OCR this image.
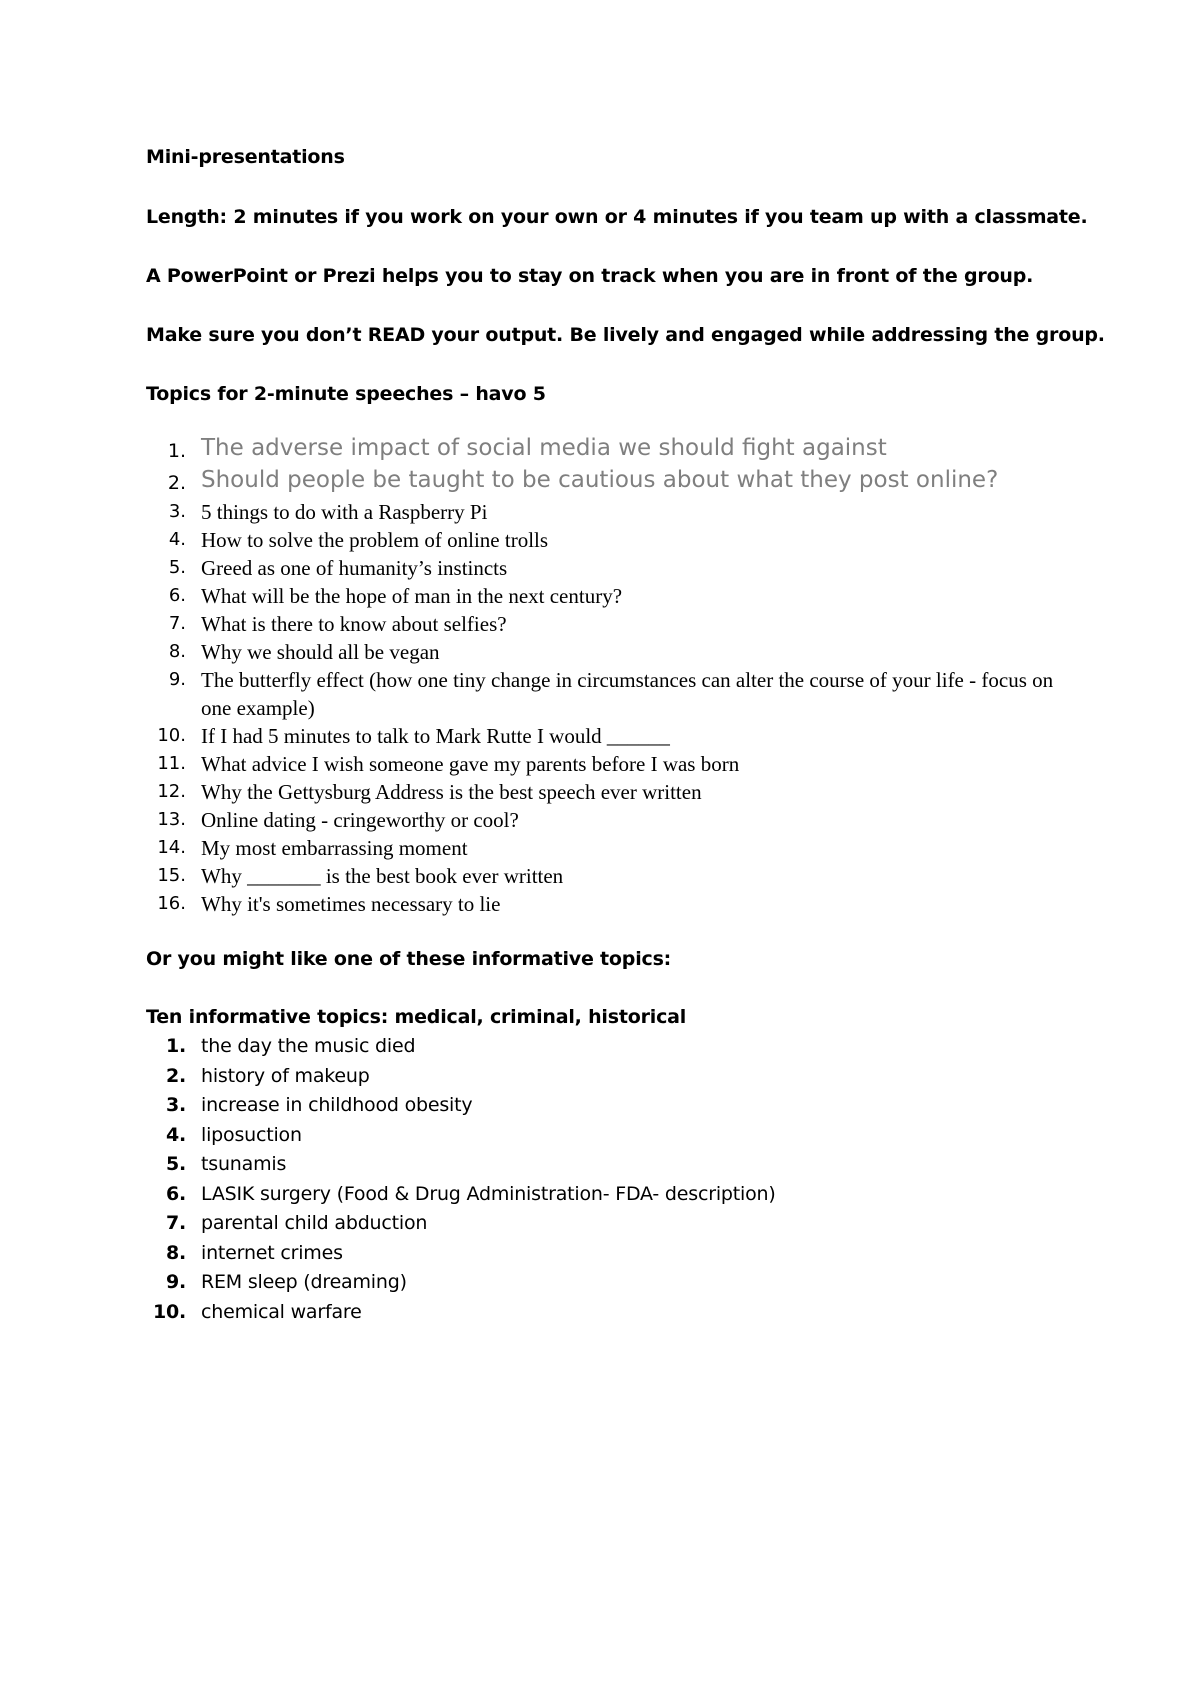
Mini-presentations

Length: 2 minutes if you work on your own or 4 minutes if you team up with a classmate.

A PowerPoint or Prezi helps you to stay on track when you are in front of the group.

Make sure you don’t READ your output. Be lively and engaged while addressing the group.

Topics for 2-minute speeches – havo 5

1. The adverse impact of social media we should fight against
2. Should people be taught to be cautious about what they post online?
3. 5 things to do with a Raspberry Pi
4. How to solve the problem of online trolls
5. Greed as one of humanity’s instincts
6. What will be the hope of man in the next century?
7. What is there to know about selfies?
8. Why we should all be vegan
9. The butterfly effect (how one tiny change in circumstances can alter the course of your life - focus on one example)
10. If I had 5 minutes to talk to Mark Rutte I would ______
11. What advice I wish someone gave my parents before I was born
12. Why the Gettysburg Address is the best speech ever written
13. Online dating - cringeworthy or cool?
14. My most embarrassing moment
15. Why _______ is the best book ever written
16. Why it's sometimes necessary to lie

Or you might like one of these informative topics:

Ten informative topics: medical, criminal, historical

1. the day the music died
2. history of makeup
3. increase in childhood obesity
4. liposuction
5. tsunamis
6. LASIK surgery (Food & Drug Administration- FDA- description)
7. parental child abduction
8. internet crimes
9. REM sleep (dreaming)
10. chemical warfare
